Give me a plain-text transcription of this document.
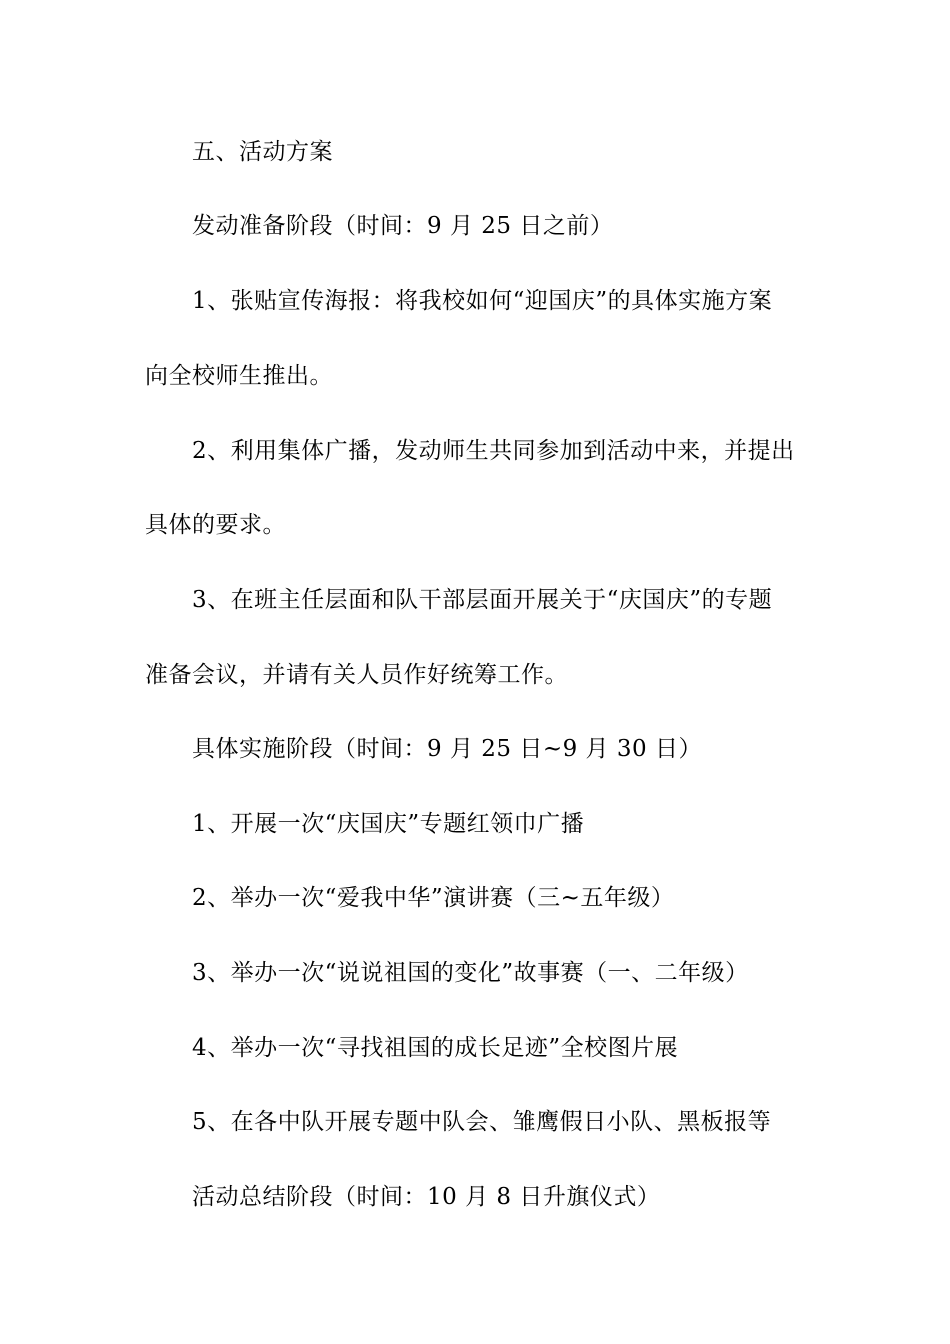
五、活动方案
发动准备阶段（时间：9 月 25 日之前）
1、张贴宣传海报：将我校如何“迎国庆”的具体实施方案
向全校师生推出。
2、利用集体广播，发动师生共同参加到活动中来，并提出
具体的要求。
3、在班主任层面和队干部层面开展关于“庆国庆”的专题
准备会议，并请有关人员作好统筹工作。
具体实施阶段（时间：9 月 25 日~9 月 30 日）
1、开展一次“庆国庆”专题红领巾广播
2、举办一次“爱我中华”演讲赛（三~五年级）
3、举办一次“说说祖国的变化”故事赛（一、二年级）
4、举办一次“寻找祖国的成长足迹”全校图片展
5、在各中队开展专题中队会、雏鹰假日小队、黑板报等
活动总结阶段（时间：10 月 8 日升旗仪式）
